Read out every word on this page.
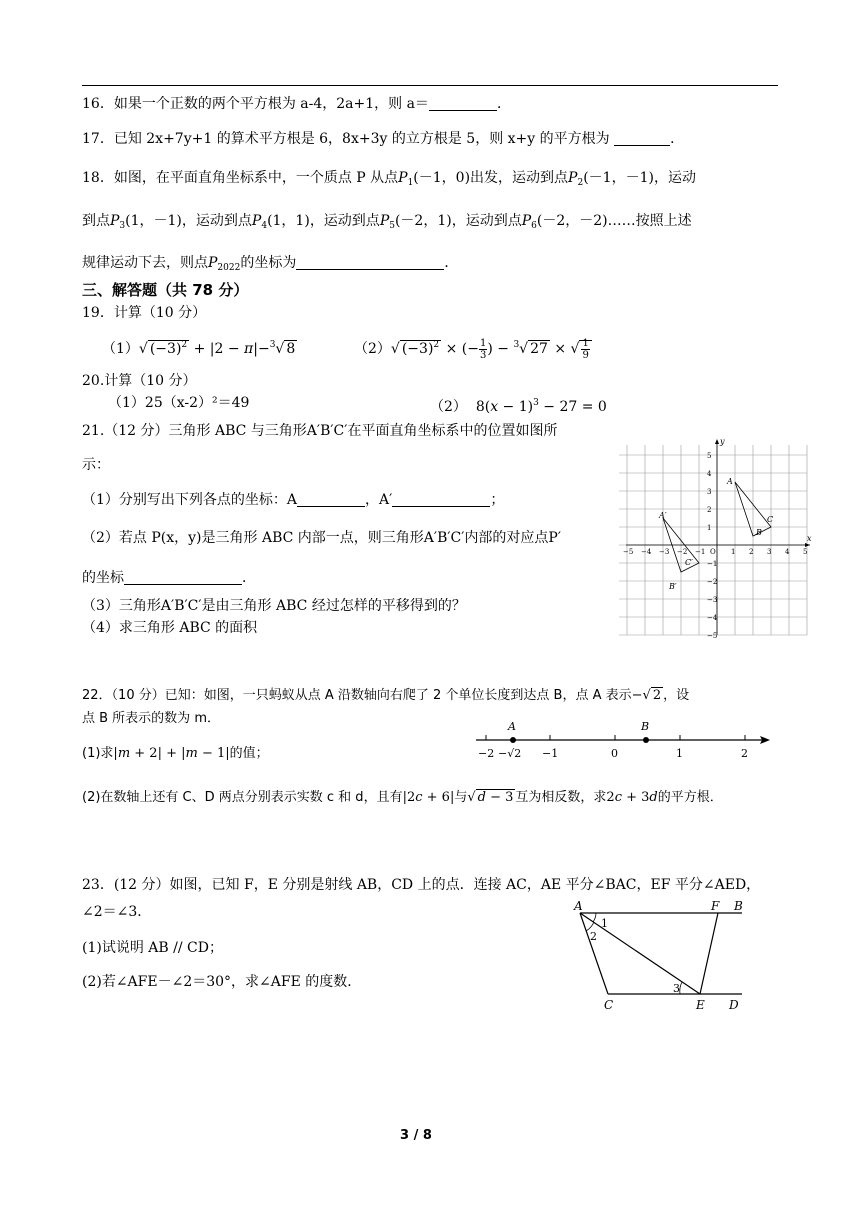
16．如果一个正数的两个平方根为 a-4，2a+1，则 a＝	．
17．已知 2x+7y+1 的算术平方根是 6，8x+3y 的立方根是 5，则 x+y 的平方根为	．
18．如图，在平面直角坐标系中，一个质点 P 从点$P_1(-1$，0)出发，运动到点$P_2(-1$，－1)，运动
到点$P_3(1$，－1)，运动到点$P_4(1$，1)，运动到点$P_5(-2$，1)，运动到点$P_6(-2$，－2)……按照上述
规律运动下去，则点$P_{2022}$的坐标为	．
三、解答题（共 78 分）
19．计算（10 分）
（1）√ $(-3)^2 + |2 - \pi|-^3√$ 8	（2）√ $(-3)^2$ × (− $\frac{1}{3}$ ) − $^3$√ 27 × √ $\frac{1}{9}$
20.计算（10 分）
（1）25（x-2）²＝49	（2）  $8(x - 1)^3 - 27 = 0$
21.（12 分）三角形 ABC 与三角形A′B′C′在平面直角坐标系中的位置如图所
示：
（1）分别写出下列各点的坐标：A	，A′	；
（2）若点 P(x，y)是三角形 ABC 内部一点，则三角形A′B′C′内部的对应点P′
的坐标	．
（3）三角形A′B′C′是由三角形 ABC 经过怎样的平移得到的？
（4）求三角形 ABC 的面积
−5 −4 −3 −2 −1	1 2 3 4 5
5
4
3
2
1
−1
−2
−3
−4
−5
x
y
O
A
B
C
A′
B′
C′
22．（10 分）已知：如图，一只蚂蚁从点 A 沿数轴向右爬了 2 个单位长度到达点 B，点 A 表示−√ 2 ，设
点 B 所表示的数为 m．
(1)求|m + 2| + |m − 1|的值；
(2)在数轴上还有 C、D 两点分别表示实数 c 和 d，且有|2c + 6|与√ d − 3 互为相反数，求2c + 3d的平方根．
A	B
−2 −√2 −1	0	1	2
23．(12 分）如图，已知 F，E 分别是射线 AB，CD 上的点．连接 AC，AE 平分∠BAC，EF 平分∠AED，
∠2＝∠3．
(1)试说明 AB // CD；
(2)若∠AFE－∠2＝30°，求∠AFE 的度数．
A	F B
C	E D
1
2
3
3 / 8
